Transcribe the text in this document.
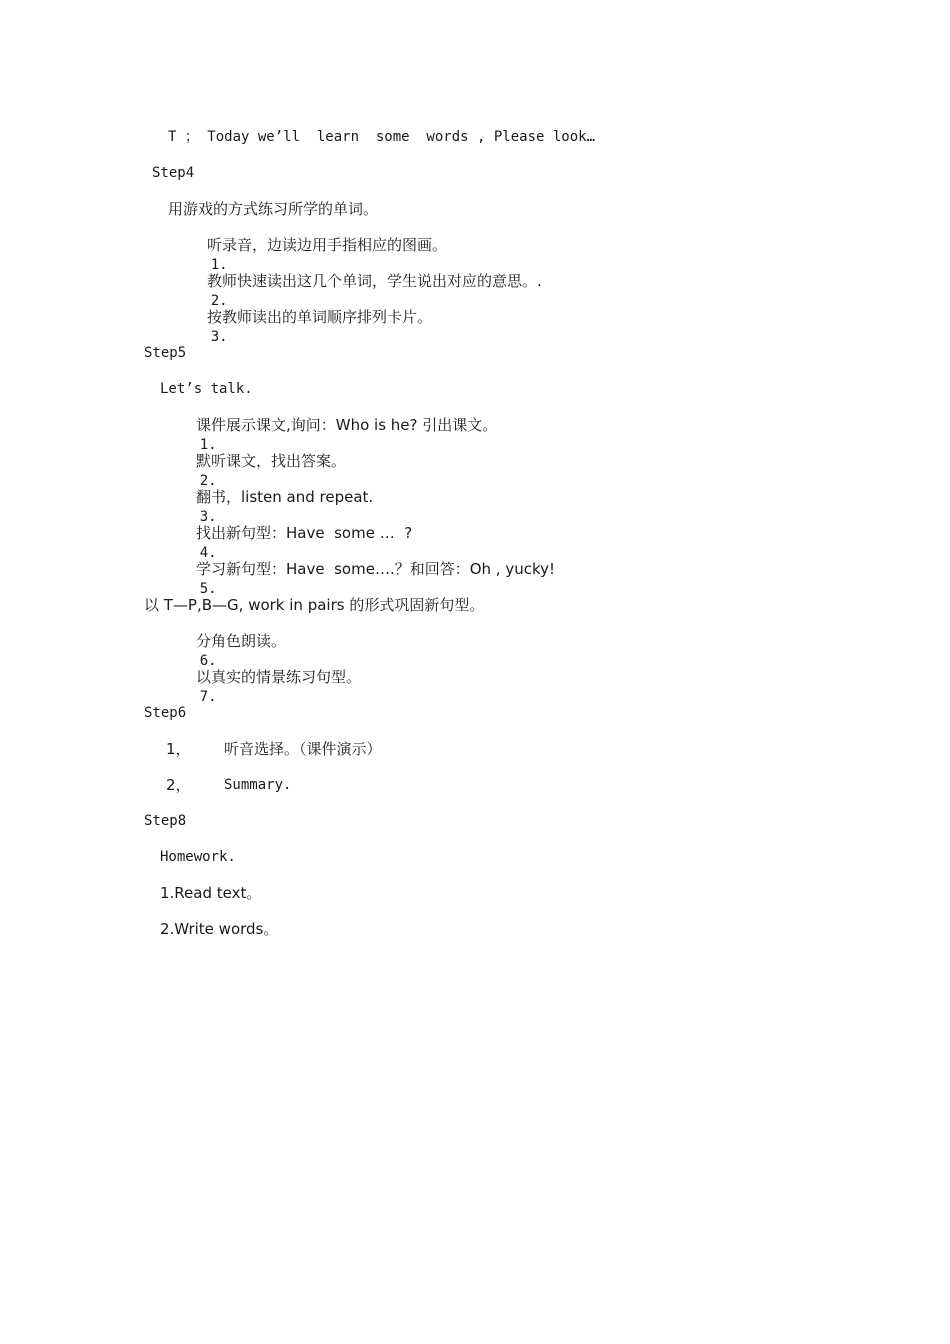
T ； Today we’ll  learn  some  words , Please look…
Step4
用游戏的方式练习所学的单词。

1.

听录音，边读边用手指相应的图画。

2.

教师快速读出这几个单词，学生说出对应的意思。.

3.

按教师读出的单词顺序排列卡片。
Step5
Let’s talk.

1.

课件展示课文,询问：Who is he? 引出课文。

2.

默听课文，找出答案。

3.

翻书，listen and repeat.

4.

找出新句型：Have  some …  ?

5.

学习新句型：Have  some….？和回答：Oh , yucky!
以 T—P,B—G, work in pairs 的形式巩固新句型。

6.

分角色朗读。

7.

以真实的情景练习句型。
Step6
1， 听音选择。（课件演示）
2， Summary.
Step8
Homework.
1.Read text。
2.Write words。
